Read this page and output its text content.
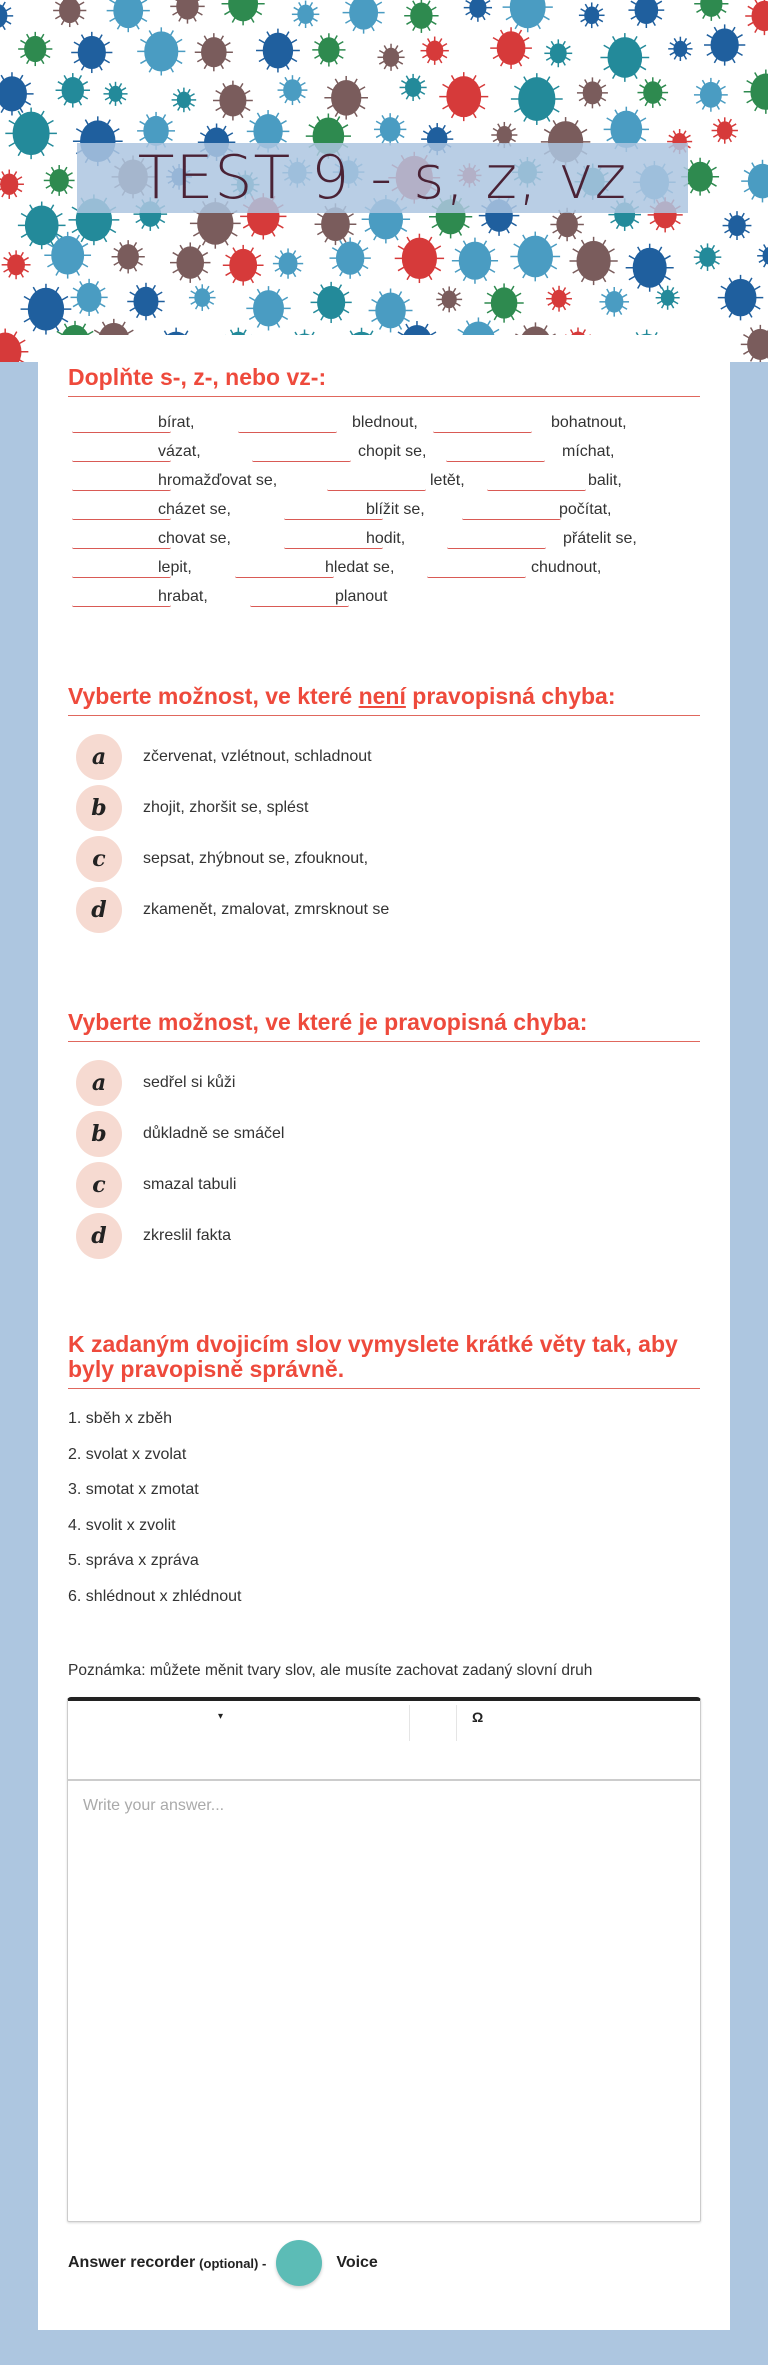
TEST 9 - s, z, vz
Doplňte s-, z-, nebo vz-:
bírat,	blednout,	bohatnout,
vázat,	chopit se,	míchat,
hromažďovat se,	letět,	balit,
cházet se,	blížit se,	počítat,
chovat se,	hodit,	přátelit se,
lepit,	hledat se,	chudnout,
hrabat,	planout
Vyberte možnost, ve které není pravopisná chyba:
a	zčervenat, vzlétnout, schladnout
b	zhojit, zhoršit se, splést
c	sepsat, zhýbnout se, zfouknout,
d	zkamenět, zmalovat, zmrsknout se
Vyberte možnost, ve které je pravopisná chyba:
a	sedřel si kůži
b	důkladně se smáčel
c	smazal tabuli
d	zkreslil fakta
K zadaným dvojicím slov vymyslete krátké věty tak, aby byly pravopisně správně.
1. sběh x zběh
2. svolat x zvolat
3. smotat x zmotat
4. svolit x zvolit
5. správa x zpráva
6. shlédnout x zhlédnout
Poznámka: můžete měnit tvary slov, ale musíte zachovat zadaný slovní druh
▾	Ω
Write your answer...
Answer recorder (optional) -	Voice
